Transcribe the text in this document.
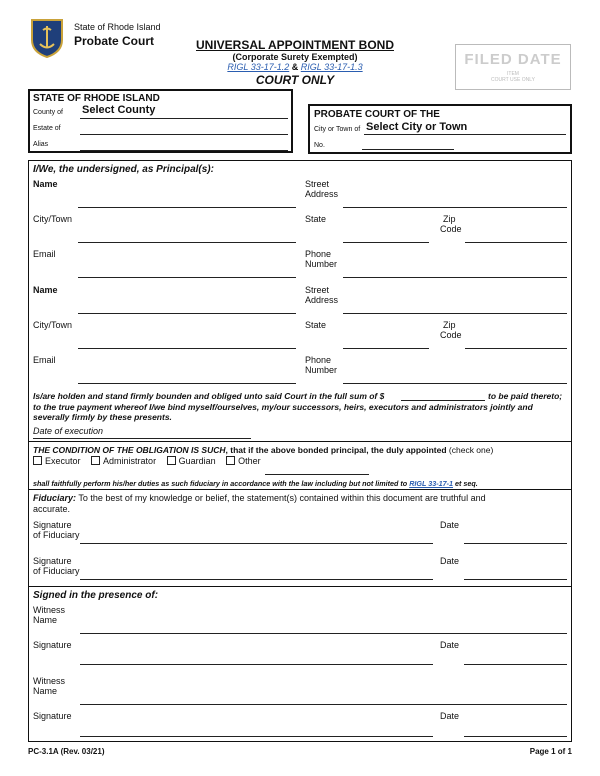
State of Rhode Island
Probate Court	UNIVERSAL APPOINTMENT BOND
(Corporate Surety Exempted)
RIGL 33-17-1.2 & RIGL 33-17-1.3
COURT ONLY
FILED DATE
ITEM
COURT USE ONLY
STATE OF RHODE ISLAND
County of Select County
Estate of
Alias
PROBATE COURT OF THE
City or Town of Select City or Town
No.
I/We, the undersigned, as Principal(s):
Name	Street
Address
City/Town	State	Zip
Code
Email	Phone
Number
Name	Street
Address
City/Town	State	Zip
Code
Email	Phone
Number
Is/are holden and stand firmly bounden and obliged unto said Court in the full sum of $	to be paid thereto;
to the true payment whereof I/we bind myself/ourselves, my/our successors, heirs, executors and administrators jointly and
severally firmly by these presents.
Date of execution
THE CONDITION OF THE OBLIGATION IS SUCH, that if the above bonded principal, the duly appointed (check one)
Executor	Administrator	Guardian	Other
shall faithfully perform his/her duties as such fiduciary in accordance with the law including but not limited to RIGL 33-17-1 et seq.
Fiduciary: To the best of my knowledge or belief, the statement(s) contained within this document are truthful and
accurate.
Signature
of Fiduciary
Date
Signature
of Fiduciary
Date
Signed in the presence of:
Witness
Name
Signature	Date
Witness
Name
Signature	Date
PC-3.1A (Rev. 03/21)	Page 1 of 1
